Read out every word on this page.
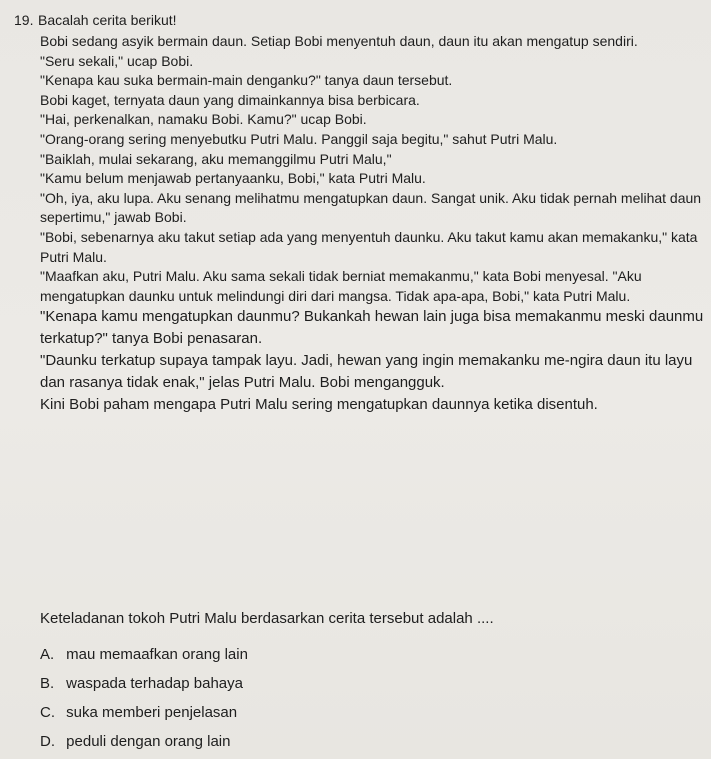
19. Bacalah cerita berikut!

Bobi sedang asyik bermain daun. Setiap Bobi menyentuh daun, daun itu akan mengatup sendiri.

"Seru sekali," ucap Bobi.

"Kenapa kau suka bermain-main denganku?" tanya daun tersebut.

Bobi kaget, ternyata daun yang dimainkannya bisa berbicara.

"Hai, perkenalkan, namaku Bobi. Kamu?" ucap Bobi.

"Orang-orang sering menyebutku Putri Malu. Panggil saja begitu," sahut Putri Malu.

"Baiklah, mulai sekarang, aku memanggilmu Putri Malu,"

"Kamu belum menjawab pertanyaanku, Bobi," kata Putri Malu.

"Oh, iya, aku lupa. Aku senang melihatmu mengatupkan daun. Sangat unik. Aku tidak pernah melihat daun sepertimu," jawab Bobi.

"Bobi, sebenarnya aku takut setiap ada yang menyentuh daunku. Aku takut kamu akan memakanku," kata Putri Malu.

"Maafkan aku, Putri Malu. Aku sama sekali tidak berniat memakanmu," kata Bobi menyesal. "Aku mengatupkan daunku untuk melindungi diri dari mangsa. Tidak apa-apa, Bobi," kata Putri Malu.

"Kenapa kamu mengatupkan daunmu? Bukankah hewan lain juga bisa memakanmu meski daunmu terkatup?" tanya Bobi penasaran.

"Daunku terkatup supaya tampak layu. Jadi, hewan yang ingin memakanku me-ngira daun itu layu dan rasanya tidak enak," jelas Putri Malu. Bobi mengangguk.

Kini Bobi paham mengapa Putri Malu sering mengatupkan daunnya ketika disentuh.

Keteladanan tokoh Putri Malu berdasarkan cerita tersebut adalah ....
A. mau memaafkan orang lain
B. waspada terhadap bahaya
C. suka memberi penjelasan
D. peduli dengan orang lain
